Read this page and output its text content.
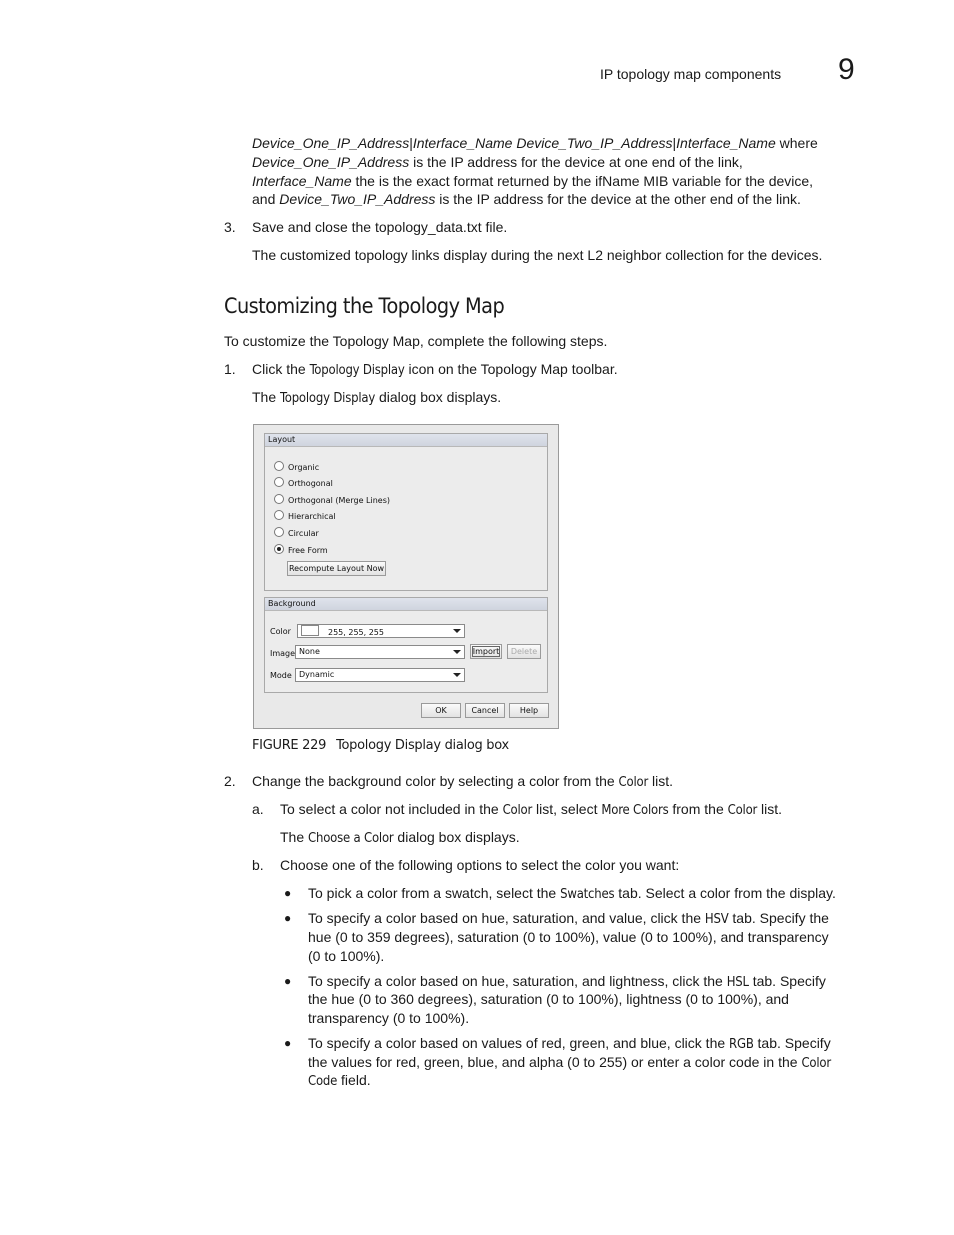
IP topology map components 9
Device_One_IP_Address|Interface_Name Device_Two_IP_Address|Interface_Name where
Device_One_IP_Address is the IP address for the device at one end of the link,
Interface_Name the is the exact format returned by the ifName MIB variable for the device,
and Device_Two_IP_Address is the IP address for the device at the other end of the link.
3. Save and close the topology_data.txt file.
The customized topology links display during the next L2 neighbor collection for the devices.
Customizing the Topology Map
To customize the Topology Map, complete the following steps.
1. Click the Topology Display icon on the Topology Map toolbar.
The Topology Display dialog box displays.
Layout
Organic
Orthogonal
Orthogonal (Merge Lines)
Hierarchical
Circular
Free Form
Recompute Layout Now
Background
Color	255, 255, 255
Image None	Import	Delete
Mode Dynamic
OK	Cancel	Help
FIGURE 229 Topology Display dialog box
2. Change the background color by selecting a color from the Color list.
a. To select a color not included in the Color list, select More Colors from the Color list.
The Choose a Color dialog box displays.
b. Choose one of the following options to select the color you want:
● To pick a color from a swatch, select the Swatches tab. Select a color from the display.
● To specify a color based on hue, saturation, and value, click the HSV tab. Specify the
hue (0 to 359 degrees), saturation (0 to 100%), value (0 to 100%), and transparency
(0 to 100%).
● To specify a color based on hue, saturation, and lightness, click the HSL tab. Specify
the hue (0 to 360 degrees), saturation (0 to 100%), lightness (0 to 100%), and
transparency (0 to 100%).
● To specify a color based on values of red, green, and blue, click the RGB tab. Specify
the values for red, green, blue, and alpha (0 to 255) or enter a color code in the Color
Code field.
